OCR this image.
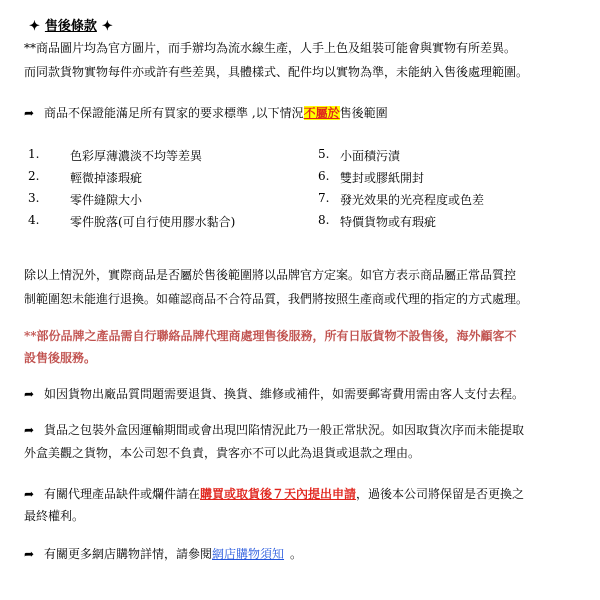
✦ 售後條款 ✦
**商品圖片均為官方圖片，而手辦均為流水線生產，人手上色及組裝可能會與實物有所差異。
而同款貨物實物每件亦或許有些差異，具體樣式、配件均以實物為準，未能納入售後處理範圍。
➦ 商品不保證能滿足所有買家的要求標準 ,以下情況不屬於售後範圍
1.	色彩厚薄濃淡不均等差異
2.	輕微掉漆瑕疵
3.	零件縫隙大小
4.	零件脫落(可自行使用膠水黏合)
5. 小面積污漬
6. 雙封或膠紙開封
7. 發光效果的光亮程度或色差
8. 特價貨物或有瑕疵
除以上情況外，實際商品是否屬於售後範圍將以品牌官方定案。如官方表示商品屬正常品質控
制範圍恕未能進行退換。如確認商品不合符品質，我們將按照生產商或代理的指定的方式處理。
**部份品牌之產品需自行聯絡品牌代理商處理售後服務，所有日版貨物不設售後，海外顧客不
設售後服務。
➦ 如因貨物出廠品質問題需要退貨、換貨、維修或補件，如需要郵寄費用需由客人支付去程。
➦ 貨品之包裝外盒因運輸期間或會出現凹陷情況此乃一般正常狀況。如因取貨次序而未能提取
外盒美觀之貨物，本公司恕不負責，貴客亦不可以此為退貨或退款之理由。
➦ 有關代理產品缺件或爛件請在購買或取貨後７天內提出申請，過後本公司將保留是否更換之
最終權利。
➦ 有關更多網店購物詳情，請參閱網店購物須知 。
